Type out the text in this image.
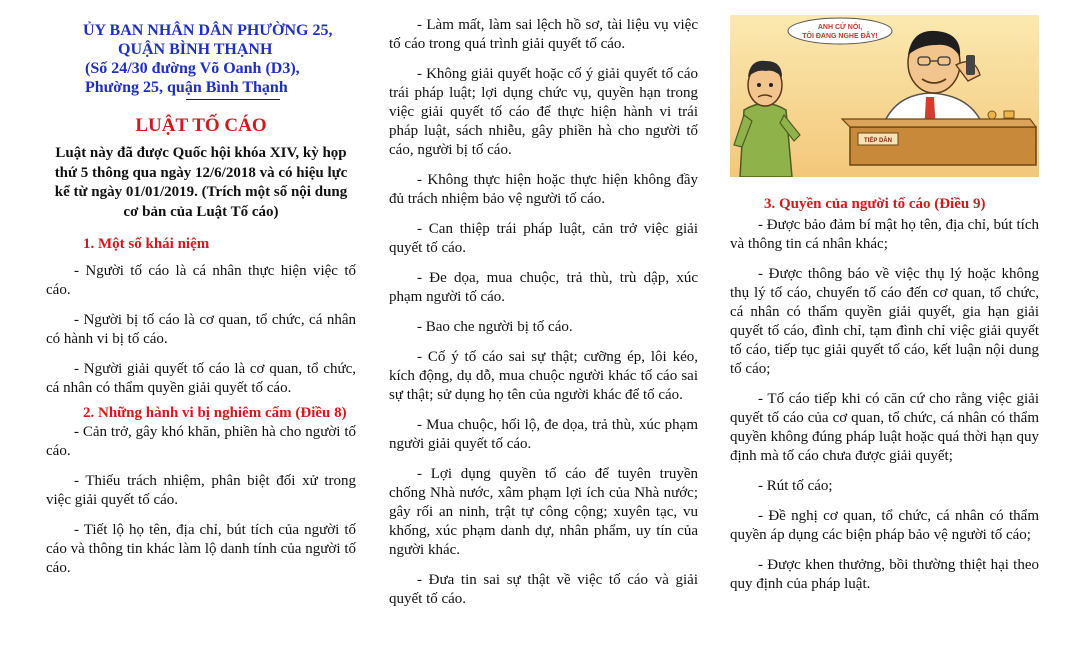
ỦY BAN NHÂN DÂN PHƯỜNG 25,
QUẬN BÌNH THẠNH
(Số 24/30 đường Võ Oanh (D3),
Phường 25, quận Bình Thạnh
LUẬT TỐ CÁO
Luật này đã được Quốc hội khóa XIV, kỳ họp thứ 5 thông qua ngày 12/6/2018 và có hiệu lực kể từ ngày 01/01/2019. (Trích một số nội dung cơ bản của Luật Tố cáo)
1. Một số khái niệm

- Người tố cáo là cá nhân thực hiện việc tố cáo.

- Người bị tố cáo là cơ quan, tổ chức, cá nhân có hành vi bị tố cáo.

- Người giải quyết tố cáo là cơ quan, tổ chức, cá nhân có thẩm quyền giải quyết tố cáo.

2. Những hành vi bị nghiêm cấm (Điều 8)

- Cản trở, gây khó khăn, phiền hà cho người tố cáo.

- Thiếu trách nhiệm, phân biệt đối xử trong việc giải quyết tố cáo.

- Tiết lộ họ tên, địa chỉ, bút tích của người tố cáo và thông tin khác làm lộ danh tính của người tố cáo.

- Làm mất, làm sai lệch hồ sơ, tài liệu vụ việc tố cáo trong quá trình giải quyết tố cáo.

- Không giải quyết hoặc cố ý giải quyết tố cáo trái pháp luật; lợi dụng chức vụ, quyền hạn trong việc giải quyết tố cáo để thực hiện hành vi trái pháp luật, sách nhiễu, gây phiền hà cho người tố cáo, người bị tố cáo.

- Không thực hiện hoặc thực hiện không đầy đủ trách nhiệm bảo vệ người tố cáo.

- Can thiệp trái pháp luật, cản trở việc giải quyết tố cáo.

- Đe dọa, mua chuộc, trả thù, trù dập, xúc phạm người tố cáo.

- Bao che người bị tố cáo.

- Cố ý tố cáo sai sự thật; cưỡng ép, lôi kéo, kích động, dụ dỗ, mua chuộc người khác tố cáo sai sự thật; sử dụng họ tên của người khác để tố cáo.

- Mua chuộc, hối lộ, đe dọa, trả thù, xúc phạm người giải quyết tố cáo.

- Lợi dụng quyền tố cáo để tuyên truyền chống Nhà nước, xâm phạm lợi ích của Nhà nước; gây rối an ninh, trật tự công cộng; xuyên tạc, vu khống, xúc phạm danh dự, nhân phẩm, uy tín của người khác.

- Đưa tin sai sự thật về việc tố cáo và giải quyết tố cáo.

ANH CỨ NÓI,
TÔI ĐANG NGHE ĐÂY!
TIẾP DÂN
3. Quyền của người tố cáo (Điều 9)

- Được bảo đảm bí mật họ tên, địa chỉ, bút tích và thông tin cá nhân khác;

- Được thông báo về việc thụ lý hoặc không thụ lý tố cáo, chuyển tố cáo đến cơ quan, tổ chức, cá nhân có thẩm quyền giải quyết, gia hạn giải quyết tố cáo, đình chỉ, tạm đình chỉ việc giải quyết tố cáo, tiếp tục giải quyết tố cáo, kết luận nội dung tố cáo;

- Tố cáo tiếp khi có căn cứ cho rằng việc giải quyết tố cáo của cơ quan, tổ chức, cá nhân có thẩm quyền không đúng pháp luật hoặc quá thời hạn quy định mà tố cáo chưa được giải quyết;

- Rút tố cáo;

- Đề nghị cơ quan, tổ chức, cá nhân có thẩm quyền áp dụng các biện pháp bảo vệ người tố cáo;

- Được khen thưởng, bồi thường thiệt hại theo quy định của pháp luật.
